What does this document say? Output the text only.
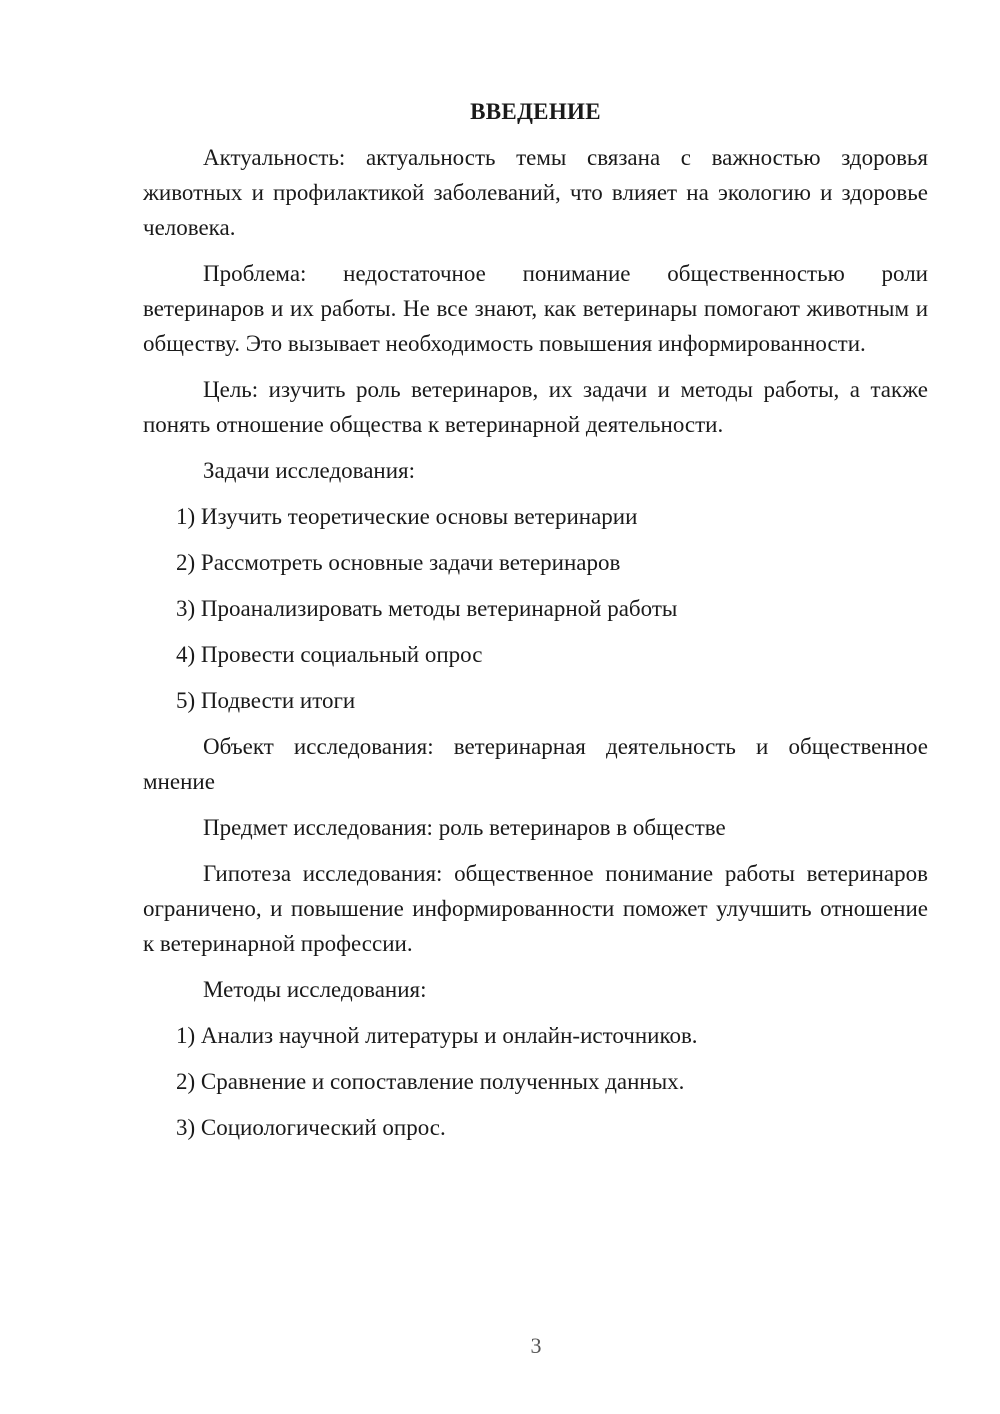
ВВЕДЕНИЕ

Актуальность: актуальность темы связана с важностью здоровья животных и профилактикой заболеваний, что влияет на экологию и здоровье человека.

Проблема: недостаточное понимание общественностью роли ветеринаров и их работы. Не все знают, как ветеринары помогают животным и обществу. Это вызывает необходимость повышения информированности.

Цель: изучить роль ветеринаров, их задачи и методы работы, а также понять отношение общества к ветеринарной деятельности.

Задачи исследования:
1) Изучить теоретические основы ветеринарии
2) Рассмотреть основные задачи ветеринаров
3) Проанализировать методы ветеринарной работы
4) Провести социальный опрос
5) Подвести итоги

Объект исследования: ветеринарная деятельность и общественное мнение

Предмет исследования: роль ветеринаров в обществе

Гипотеза исследования: общественное понимание работы ветеринаров ограничено, и повышение информированности поможет улучшить отношение к ветеринарной профессии.

Методы исследования:
1) Анализ научной литературы и онлайн-источников.
2) Сравнение и сопоставление полученных данных.
3) Социологический опрос.
3
